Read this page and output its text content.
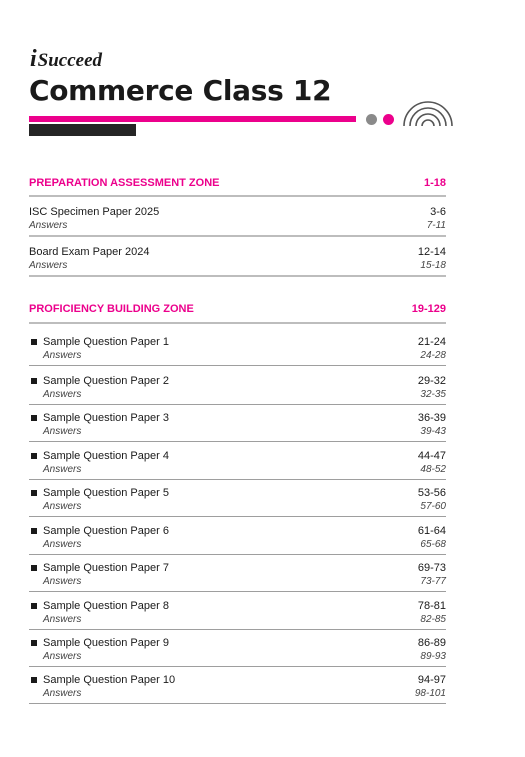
iSucceed
Commerce Class 12
PREPARATION ASSESSMENT ZONE	1-18
ISC Specimen Paper 2025
Answers
3-6
7-11
Board Exam Paper 2024
Answers
12-14
15-18
PROFICIENCY BUILDING ZONE	19-129
Sample Question Paper 1
Answers
21-24
24-28
Sample Question Paper 2
Answers
29-32
32-35
Sample Question Paper 3
Answers
36-39
39-43
Sample Question Paper 4
Answers
44-47
48-52
Sample Question Paper 5
Answers
53-56
57-60
Sample Question Paper 6
Answers
61-64
65-68
Sample Question Paper 7
Answers
69-73
73-77
Sample Question Paper 8
Answers
78-81
82-85
Sample Question Paper 9
Answers
86-89
89-93
Sample Question Paper 10
Answers
94-97
98-101
